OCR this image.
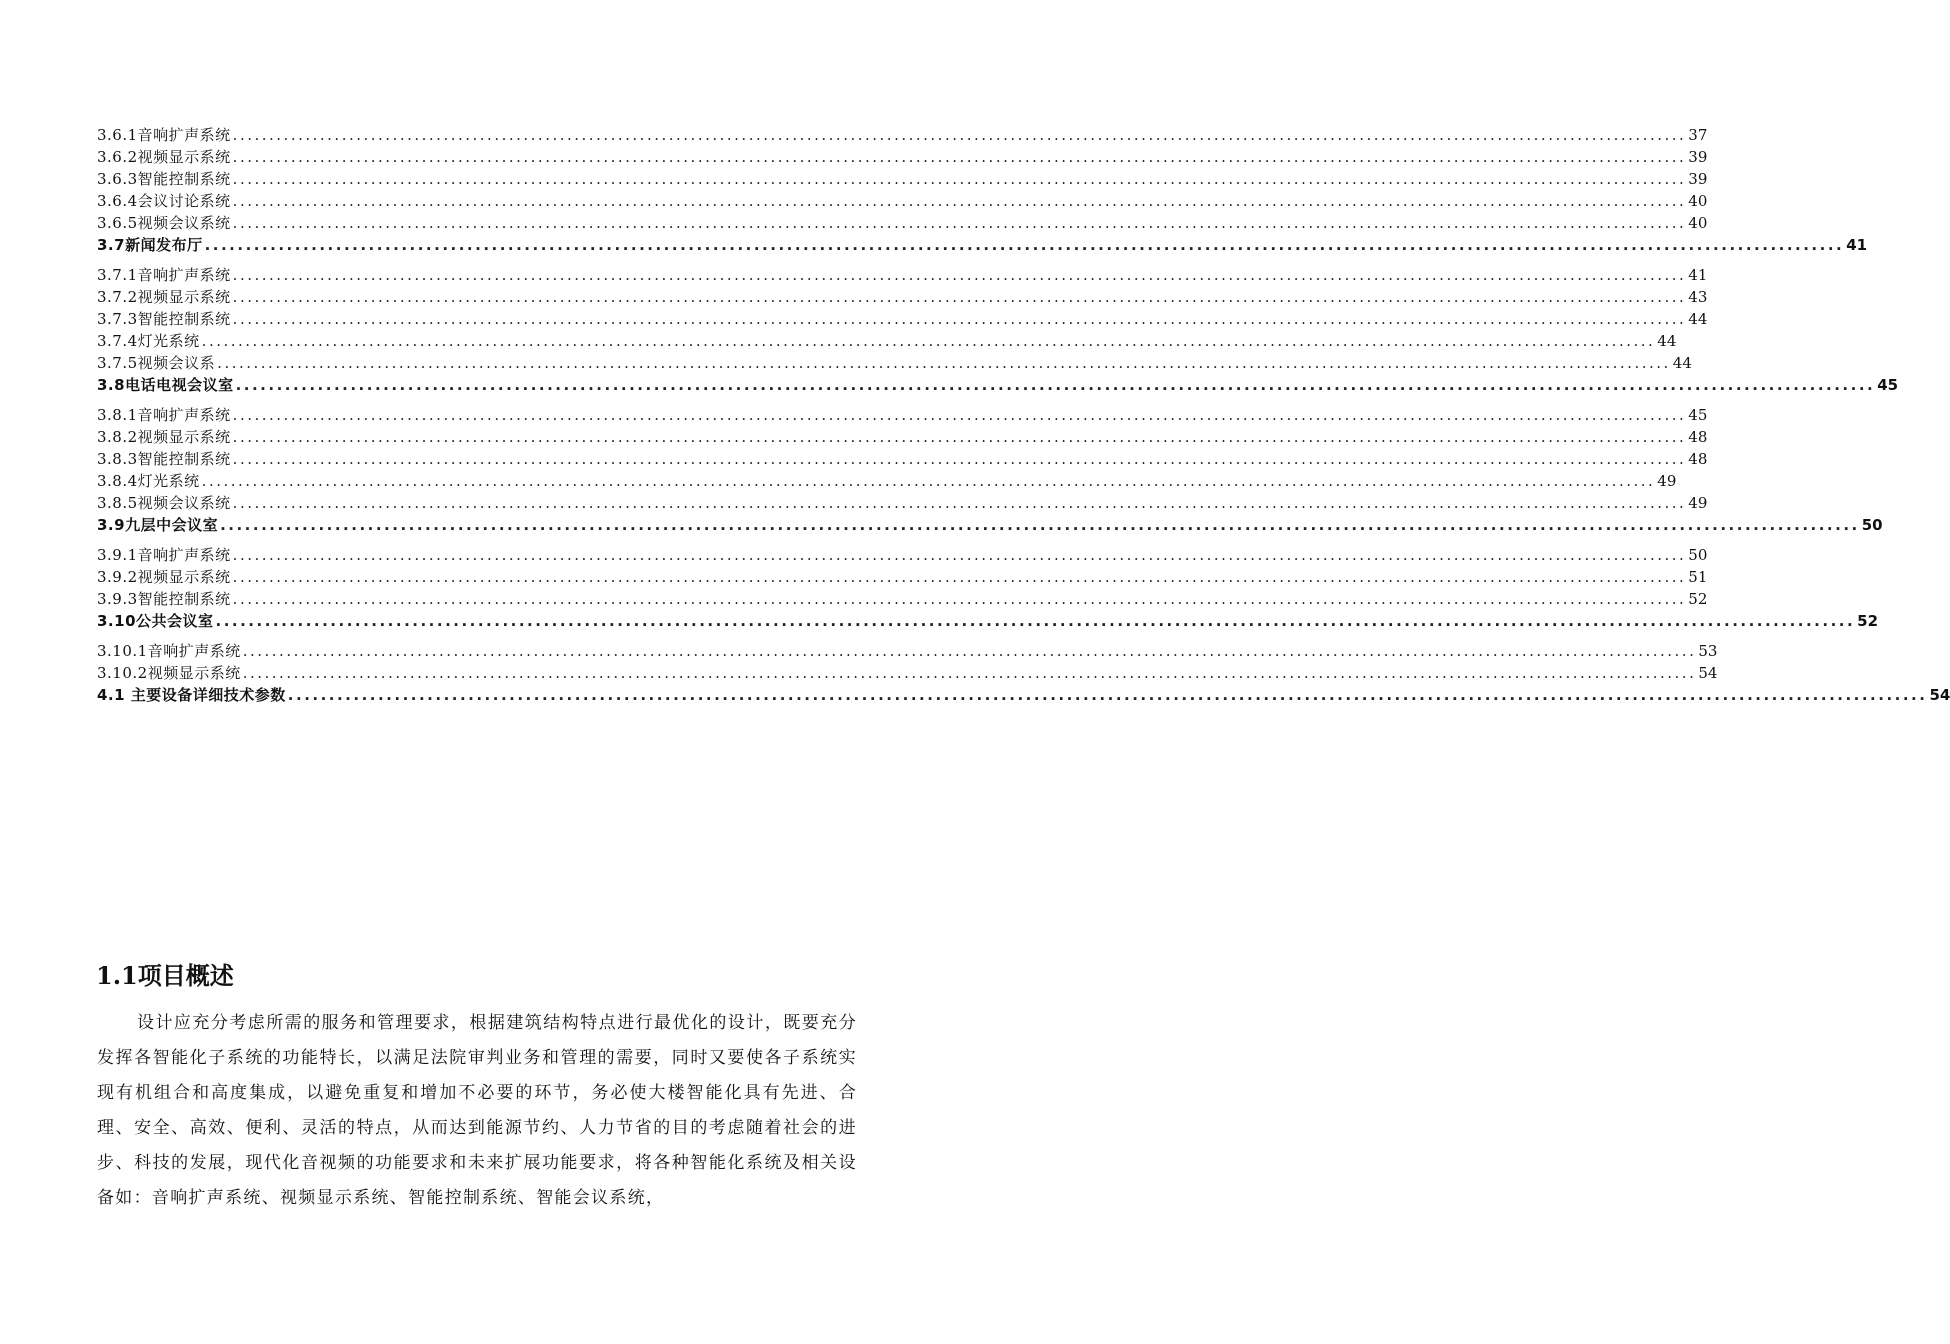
3.6.1音响扩声系统 ........................................................................................................................................................................................................ 37
3.6.2视频显示系统 ........................................................................................................................................................................................................ 39
3.6.3智能控制系统 ........................................................................................................................................................................................................ 39
3.6.4会议讨论系统 ........................................................................................................................................................................................................ 40
3.6.5视频会议系统 ........................................................................................................................................................................................................ 40
3.7新闻发布厅 ........................................................................................................................................................................................................ 41
3.7.1音响扩声系统 ........................................................................................................................................................................................................ 41
3.7.2视频显示系统 ........................................................................................................................................................................................................ 43
3.7.3智能控制系统 ........................................................................................................................................................................................................ 44
3.7.4灯光系统 ........................................................................................................................................................................................................ 44
3.7.5视频会议系 ........................................................................................................................................................................................................ 44
3.8电话电视会议室 ........................................................................................................................................................................................................ 45
3.8.1音响扩声系统 ........................................................................................................................................................................................................ 45
3.8.2视频显示系统 ........................................................................................................................................................................................................ 48
3.8.3智能控制系统 ........................................................................................................................................................................................................ 48
3.8.4灯光系统 ........................................................................................................................................................................................................ 49
3.8.5视频会议系统 ........................................................................................................................................................................................................ 49
3.9九层中会议室 ........................................................................................................................................................................................................ 50
3.9.1音响扩声系统 ........................................................................................................................................................................................................ 50
3.9.2视频显示系统 ........................................................................................................................................................................................................ 51
3.9.3智能控制系统 ........................................................................................................................................................................................................ 52
3.10公共会议室 ........................................................................................................................................................................................................ 52
3.10.1音响扩声系统 ........................................................................................................................................................................................................ 53
3.10.2视频显示系统 ........................................................................................................................................................................................................ 54
4.1 主要设备详细技术参数 ........................................................................................................................................................................................................ 54
1.1项目概述

设计应充分考虑所需的服务和管理要求，根据建筑结构特点进行最优化的设计，既要充分发挥各智能化子系统的功能特长，以满足法院审判业务和管理的需要，同时又要使各子系统实现有机组合和高度集成，以避免重复和增加不必要的环节，务必使大楼智能化具有先进、合理、安全、高效、便利、灵活的特点，从而达到能源节约、人力节省的目的考虑随着社会的进步、科技的发展，现代化音视频的功能要求和未来扩展功能要求，将各种智能化系统及相关设备如：音响扩声系统、视频显示系统、智能控制系统、智能会议系统，
